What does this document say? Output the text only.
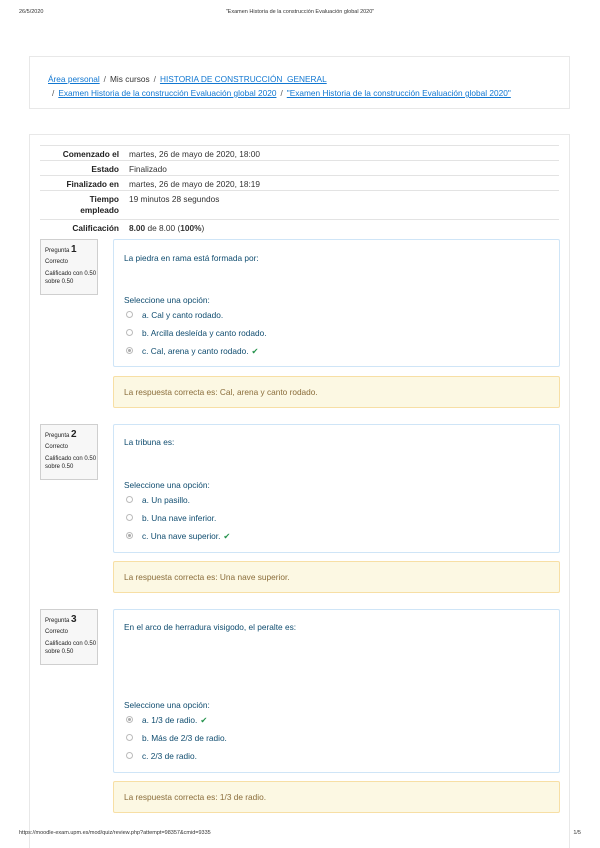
26/5/2020	"Examen Historia de la construcción Evaluación global 2020"
Área personal / Mis cursos / HISTORIA DE CONSTRUCCIÓN_GENERAL
/ Examen Historia de la construcción Evaluación global 2020 / "Examen Historia de la construcción Evaluación global 2020"
Comenzado el martes, 26 de mayo de 2020, 18:00
Estado Finalizado
Finalizado en martes, 26 de mayo de 2020, 18:19
Tiempo empleado
19 minutos 28 segundos
Calificación 8.00 de 8.00 (100%)
Pregunta 1
Correcto
Calificado con 0.50 sobre 0.50
La piedra en rama está formada por:
Seleccione una opción:
a. Cal y canto rodado.
b. Arcilla desleída y canto rodado.
c. Cal, arena y canto rodado. ✔
La respuesta correcta es: Cal, arena y canto rodado.
Pregunta 2
Correcto
Calificado con 0.50 sobre 0.50
La tribuna es:
Seleccione una opción:
a. Un pasillo.
b. Una nave inferior.
c. Una nave superior. ✔
La respuesta correcta es: Una nave superior.
Pregunta 3
Correcto
Calificado con 0.50 sobre 0.50
En el arco de herradura visigodo, el peralte es:
Seleccione una opción:
a. 1/3 de radio. ✔
b. Más de 2/3 de radio.
c. 2/3 de radio.
La respuesta correcta es: 1/3 de radio.
https://moodle-exam.upm.es/mod/quiz/review.php?attempt=98357&cmid=9335	1/5
